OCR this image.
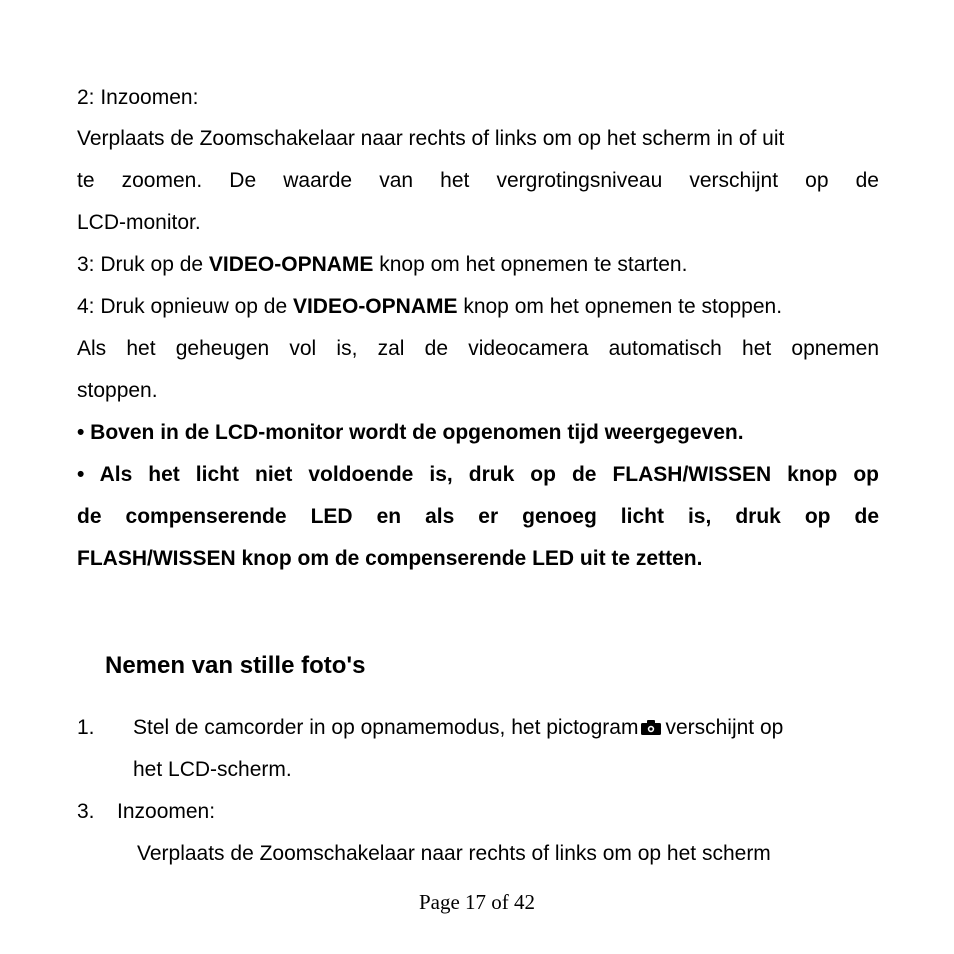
2: Inzoomen:
Verplaats de Zoomschakelaar naar rechts of links om op het scherm in of uit
te zoomen. De waarde van het vergrotingsniveau verschijnt op de
LCD-monitor.
3: Druk op de VIDEO-OPNAME knop om het opnemen te starten.
4: Druk opnieuw op de VIDEO-OPNAME knop om het opnemen te stoppen.
Als het geheugen vol is, zal de videocamera automatisch het opnemen
stoppen.
• Boven in de LCD-monitor wordt de opgenomen tijd weergegeven.
• Als het licht niet voldoende is, druk op de FLASH/WISSEN knop op
de compenserende LED en als er genoeg licht is, druk op de
FLASH/WISSEN knop om de compenserende LED uit te zetten.
Nemen van stille foto's
1. Stel de camcorder in op opnamemodus, het pictogram verschijnt op
het LCD-scherm.
3. Inzoomen:
Verplaats de Zoomschakelaar naar rechts of links om op het scherm
Page 17 of 42
